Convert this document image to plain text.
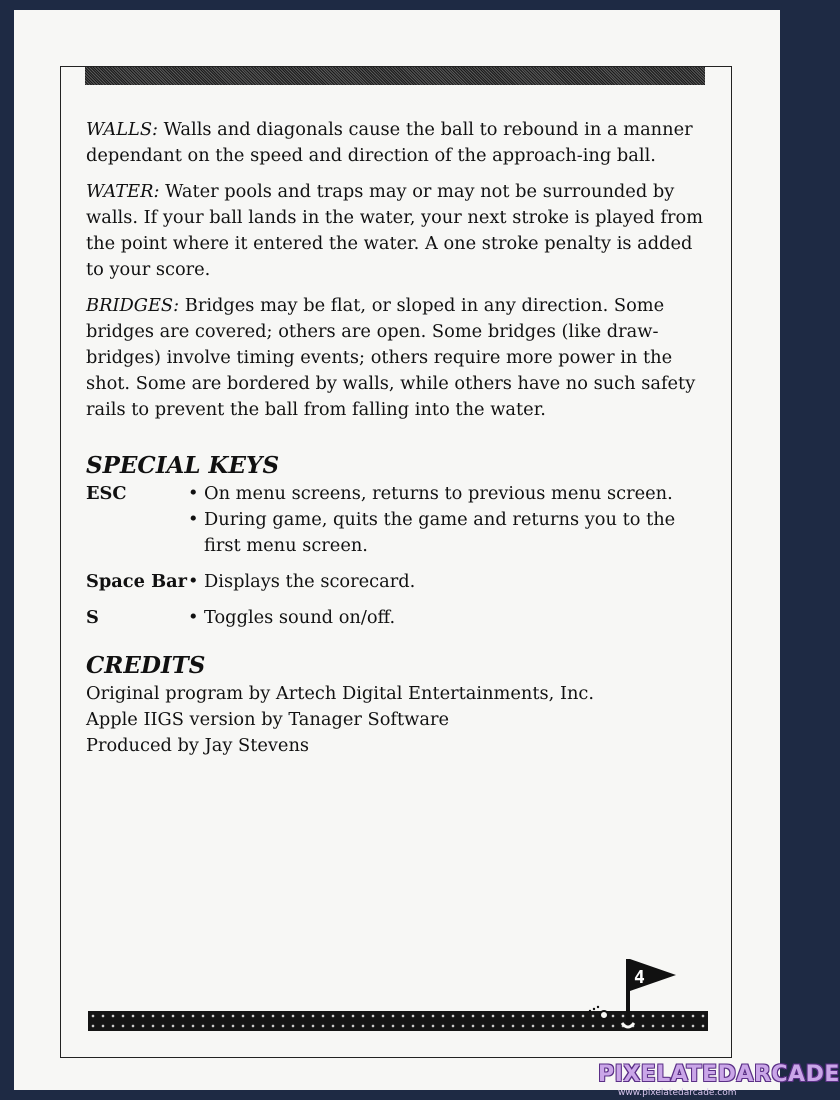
WALLS: Walls and diagonals cause the ball to rebound in a manner dependant on the speed and direction of the approach-ing ball.

WATER: Water pools and traps may or may not be surrounded by walls. If your ball lands in the water, your next stroke is played from the point where it entered the water. A one stroke penalty is added to your score.

BRIDGES: Bridges may be flat, or sloped in any direction. Some bridges are covered; others are open. Some bridges (like draw-bridges) involve timing events; others require more power in the shot. Some are bordered by walls, while others have no such safety rails to prevent the ball from falling into the water.

SPECIAL KEYS
ESC	• On menu screens, returns to previous menu screen.
• During game, quits the game and returns you to the first menu screen.
Space Bar • Displays the scorecard.
S	• Toggles sound on/off.
CREDITS
Original program by Artech Digital Entertainments, Inc.
Apple IIGS version by Tanager Software
Produced by Jay Stevens
4
PIXELATEDARCADE
www.pixelatedarcade.com
